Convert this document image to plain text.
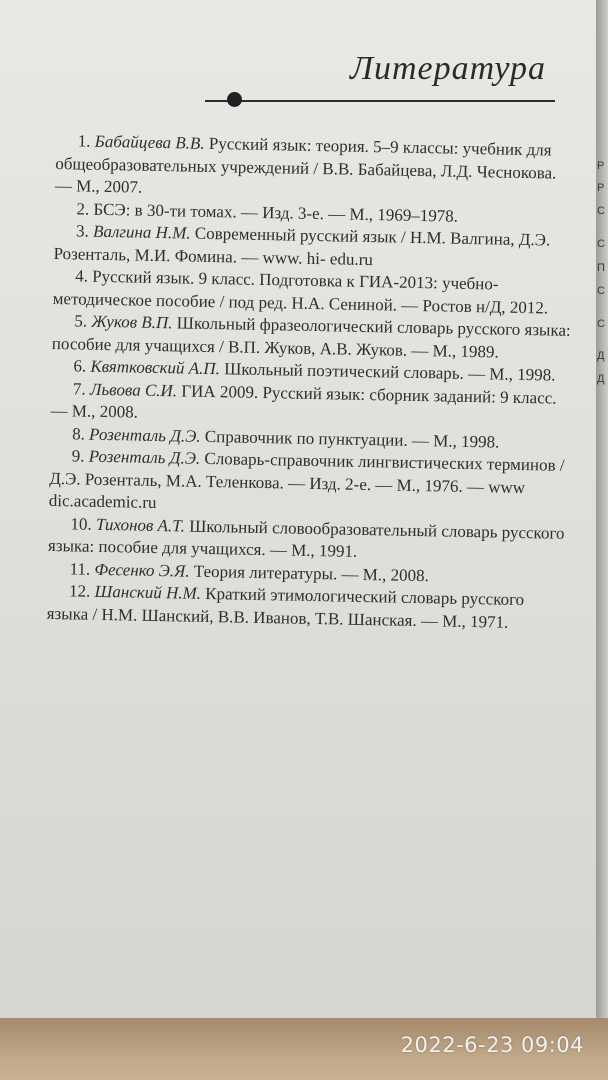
Литература

1. Бабайцева В.В. Русский язык: теория. 5–9 классы: учебник для общеобразовательных учреждений / В.В. Бабайцева, Л.Д. Чеснокова. — М., 2007.

2. БСЭ: в 30-ти томах. — Изд. 3-е. — М., 1969–1978.

3. Валгина Н.М. Современный русский язык / Н.М. Валгина, Д.Э. Розенталь, М.И. Фомина. — www. hi- edu.ru

4. Русский язык. 9 класс. Подготовка к ГИА-2013: учебно-методическое пособие / под ред. Н.А. Сениной. — Ростов н/Д, 2012.

5. Жуков В.П. Школьный фразеологический словарь русского языка: пособие для учащихся / В.П. Жуков, А.В. Жуков. — М., 1989.

6. Квятковский А.П. Школьный поэтический словарь. — М., 1998.

7. Львова С.И. ГИА 2009. Русский язык: сборник заданий: 9 класс. — М., 2008.

8. Розенталь Д.Э. Справочник по пунктуации. — М., 1998.

9. Розенталь Д.Э. Словарь-справочник лингвистических терминов / Д.Э. Розенталь, М.А. Теленкова. — Изд. 2-е. — М., 1976. — www dic.academic.ru

10. Тихонов А.Т. Школьный словообразовательный словарь русского языка: пособие для учащихся. — М., 1991.

11. Фесенко Э.Я. Теория литературы. — М., 2008.

12. Шанский Н.М. Краткий этимологический словарь русского языка / Н.М. Шанский, В.В. Иванов, Т.В. Шанская. — М., 1971.

Р
Р
С
С
П
С
С
Д
Д
2022-6-23 09:04
